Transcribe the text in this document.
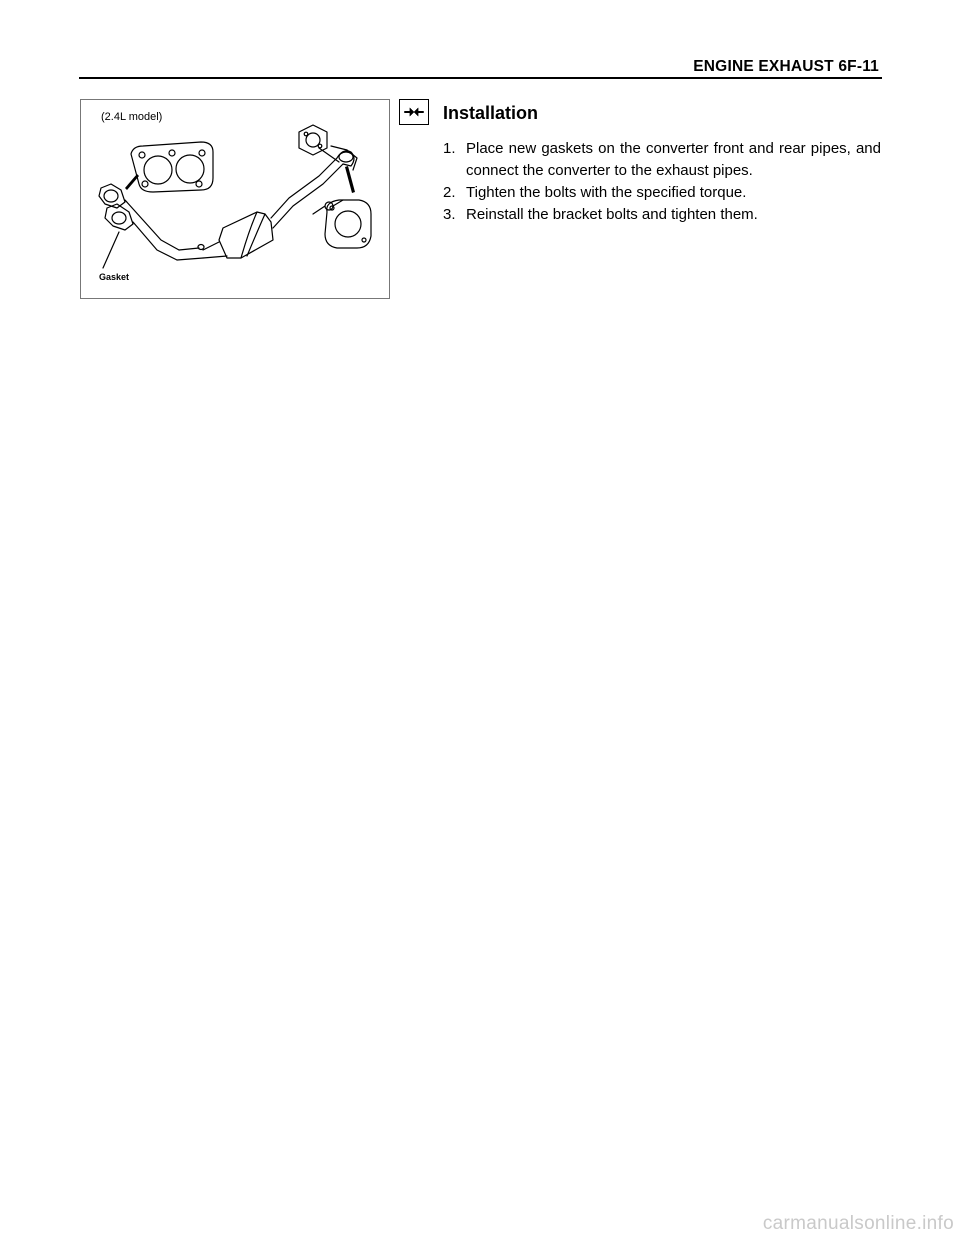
ENGINE EXHAUST 6F-11
(2.4L model)
Gasket
Installation
1. Place new gaskets on the converter front and rear pipes, and connect the converter to the exhaust pipes.
2. Tighten the bolts with the specified torque.
3. Reinstall the bracket bolts and tighten them.
carmanualsonline.info
